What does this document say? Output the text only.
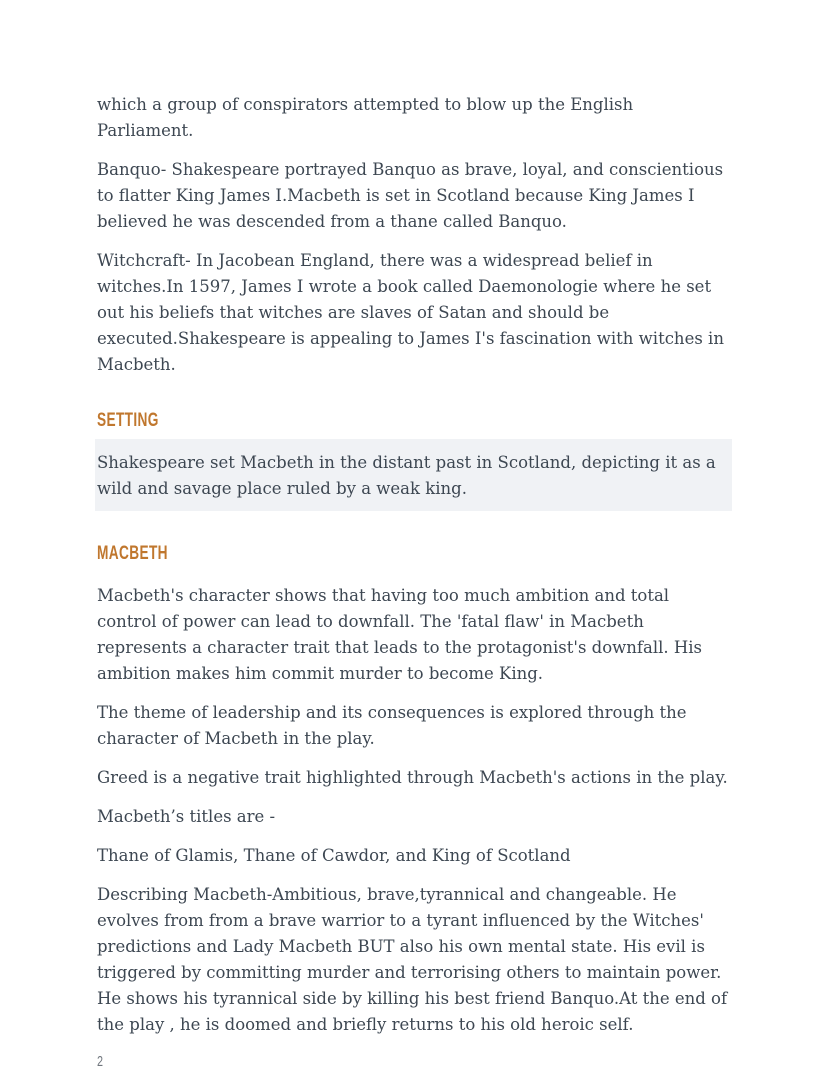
which a group of conspirators attempted to blow up the English Parliament.

Banquo- Shakespeare portrayed Banquo as brave, loyal, and conscientious to flatter King James I.Macbeth is set in Scotland because King James I believed he was descended from a thane called Banquo.

Witchcraft- In Jacobean England, there was a widespread belief in witches.In 1597, James I wrote a book called Daemonologie where he set out his beliefs that witches are slaves of Satan and should be executed.Shakespeare is appealing to James I's fascination with witches in Macbeth.

SETTING

Shakespeare set Macbeth in the distant past in Scotland, depicting it as a wild and savage place ruled by a weak king.

MACBETH

Macbeth's character shows that having too much ambition and total control of power can lead to downfall. The 'fatal flaw' in Macbeth represents a character trait that leads to the protagonist's downfall. His ambition makes him commit murder to become King.

The theme of leadership and its consequences is explored through the character of Macbeth in the play.

Greed is a negative trait highlighted through Macbeth's actions in the play.

Macbeth’s titles are -

Thane of Glamis, Thane of Cawdor, and King of Scotland

Describing Macbeth-Ambitious, brave,tyrannical and changeable. He evolves from from a brave warrior to a tyrant influenced by the Witches' predictions and Lady Macbeth BUT also his own mental state. His evil is triggered by committing murder and terrorising others to maintain power. He shows his tyrannical side by killing his best friend Banquo.At the end of the play , he is doomed and briefly returns to his old heroic self.

2
